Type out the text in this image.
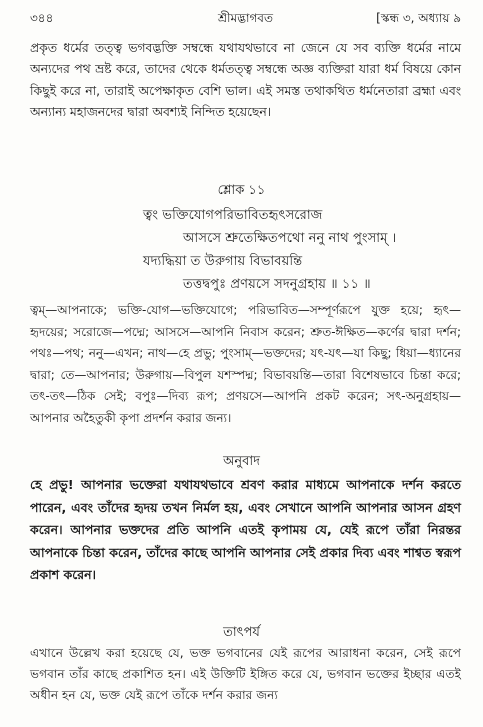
৩৪৪	শ্রীমদ্ভাগবত	[স্কন্ধ ৩, অধ্যায় ৯

প্রকৃত ধর্মের তত্ত্ব ভগবদ্ভক্তি সম্বন্ধে যথাযথভাবে না জেনে যে সব ব্যক্তি ধর্মের নামে অন্যদের পথ ভ্রষ্ট করে, তাদের থেকে ধর্মতত্ত্ব সম্বন্ধে অজ্ঞ ব্যক্তিরা যারা ধর্ম বিষয়ে কোন কিছুই করে না, তারাই অপেক্ষাকৃত বেশি ভাল। এই সমস্ত তথাকথিত ধর্মনেতারা ব্রহ্মা এবং অন্যান্য মহাজনদের দ্বারা অবশ্যই নিন্দিত হয়েছেন।

শ্লোক ১১
ত্বং ভক্তিযোগপরিভাবিতহৃৎসরোজ
আসসে শ্রুতেক্ষিতপথো ননু নাথ পুংসাম্ ।
যদ্যদ্ধিয়া ত উরুগায় বিভাবয়ন্তি
তত্তদ্বপুঃ প্রণয়সে সদনুগ্রহায় ॥ ১১ ॥

ত্বম্—আপনাকে; ভক্তি-যোগ—ভক্তিযোগে; পরিভাবিত—সম্পূর্ণরূপে যুক্ত হয়ে; হৃৎ—হৃদয়ের; সরোজে—পদ্মে; আসসে—আপনি নিবাস করেন; শ্রুত-ঈক্ষিত—কর্ণের দ্বারা দর্শন; পথঃ—পথ; ননু—এখন; নাথ—হে প্রভু; পুংসাম্—ভক্তদের; যৎ-যৎ—যা কিছু; ধিয়া—ধ্যানের দ্বারা; তে—আপনার; উরুগায়—বিপুল যশস্পদ্ম; বিভাবয়ন্তি—তারা বিশেষভাবে চিন্তা করে; তৎ-তৎ—ঠিক সেই; বপুঃ—দিব্য রূপ; প্রণয়সে—আপনি প্রকট করেন; সৎ-অনুগ্রহায়—আপনার অহৈতুকী কৃপা প্রদর্শন করার জন্য।

অনুবাদ

হে প্রভু! আপনার ভক্তেরা যথাযথভাবে শ্রবণ করার মাধ্যমে আপনাকে দর্শন করতে পারেন, এবং তাঁদের হৃদয় তখন নির্মল হয়, এবং সেখানে আপনি আপনার আসন গ্রহণ করেন। আপনার ভক্তদের প্রতি আপনি এতই কৃপাময় যে, যেই রূপে তাঁরা নিরন্তর আপনাকে চিন্তা করেন, তাঁদের কাছে আপনি আপনার সেই প্রকার দিব্য এবং শাশ্বত স্বরূপ প্রকাশ করেন।

তাৎপর্য

এখানে উল্লেখ করা হয়েছে যে, ভক্ত ভগবানের যেই রূপের আরাধনা করেন, সেই রূপে ভগবান তাঁর কাছে প্রকাশিত হন। এই উক্তিটি ইঙ্গিত করে যে, ভগবান ভক্তের ইচ্ছার এতই অধীন হন যে, ভক্ত যেই রূপে তাঁকে দর্শন করার জন্য
